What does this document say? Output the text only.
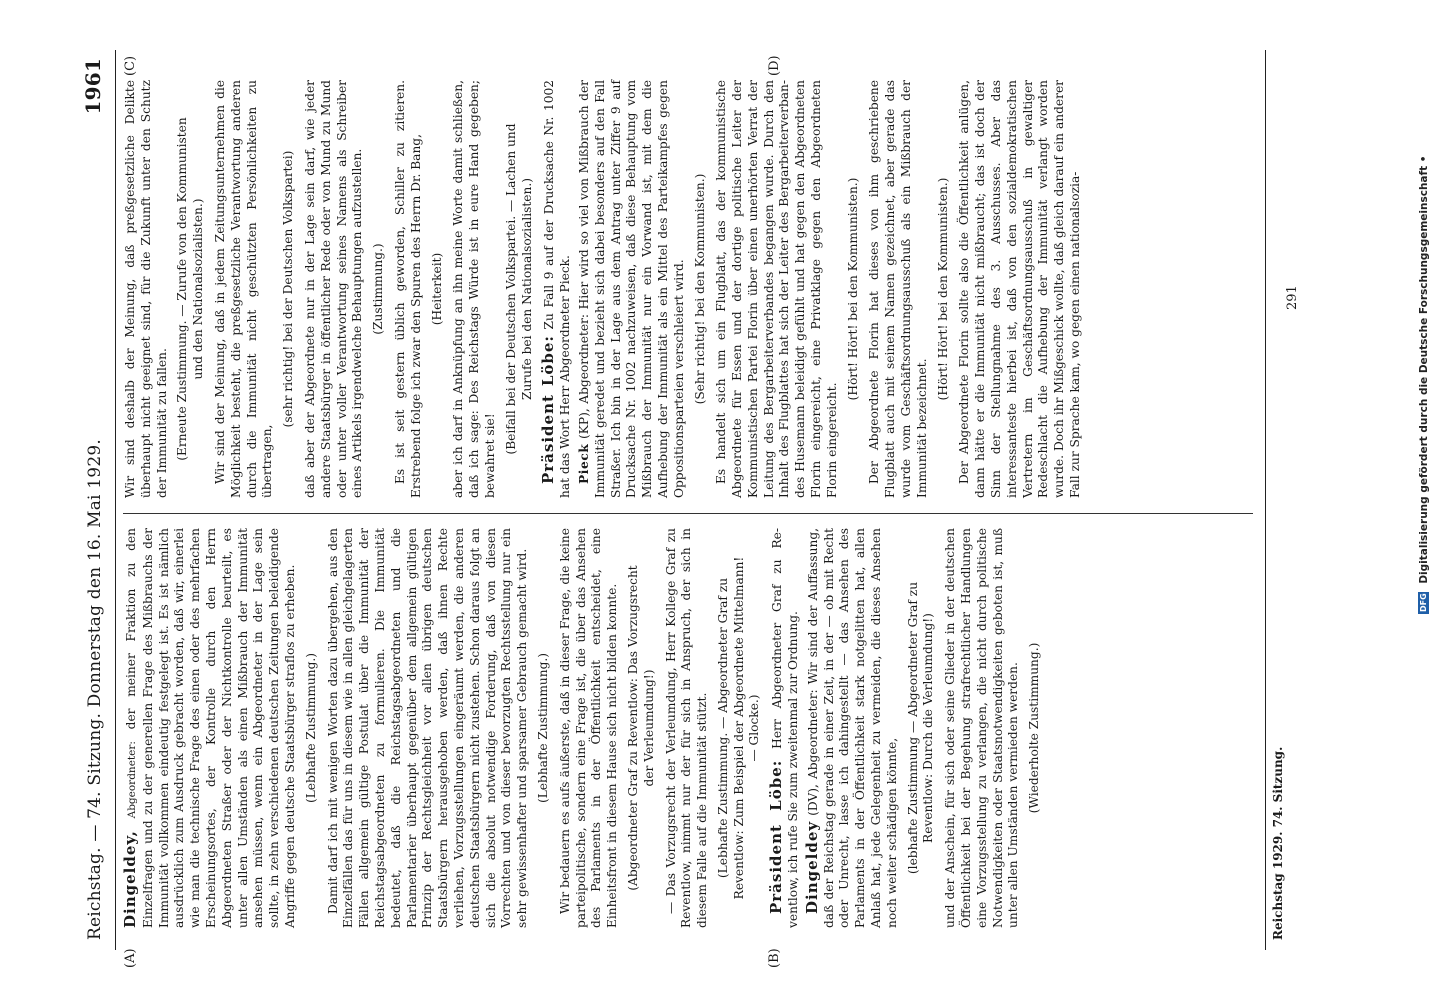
Reichstag. — 74. Sitzung. Donnerstag den 16. Mai 1929.
1961
(A)	(B)
(C)	(D)

Dingeldey, Abgeordneter: der meiner Fraktion zu den Einzelfragen und zu der generellen Frage des Mißbrauchs der Immunität vollkommen eindeutig festgelegt ist. Es ist nämlich ausdrücklich zum Ausdruck gebracht worden, daß wir, einerlei wie man die technische Frage des einen oder des mehrfachen Erscheinungsortes, der Kontrolle durch den Herrn Abgeordneten Straßer oder der Nichtkontrolle beurteilt, es unter allen Umständen als einen Mißbrauch der Immunität ansehen müssen, wenn ein Abgeordneter in der Lage sein sollte, in zehn verschiedenen deutschen Zeitungen beleidigende Angriffe gegen deutsche Staatsbürger straflos zu erheben. (Lebhafte Zustimmung.) Damit darf ich mit wenigen Worten dazu übergehen, aus den Einzelfällen das für uns in diesem wie in allen gleichgelagerten Fällen allgemein gültige Postulat über die Immunität der Reichstagsabgeordneten zu formulieren. Die Immunität bedeutet, daß die Reichstagsabgeordneten und die Parlamentarier überhaupt gegenüber dem allgemein gültigen Prinzip der Rechtsgleichheit vor allen übrigen deutschen Staatsbürgern herausgehoben werden, daß ihnen Rechte verliehen, Vorzugsstellungen eingeräumt werden, die anderen deutschen Staatsbürgern nicht zustehen. Schon daraus folgt an sich die absolut notwendige Forderung, daß von diesen Vorrechten und von dieser bevorzugten Rechtsstellung nur ein sehr gewissenhafter und sparsamer Gebrauch gemacht wird. (Lebhafte Zustimmung.) Wir bedauern es aufs äußerste, daß in dieser Frage, die keine parteipolitische, sondern eine Frage ist, die über das Ansehen des Parlaments in der Öffentlichkeit entscheidet, eine Einheitsfront in diesem Hause sich nicht bilden konnte. (Abgeordneter Graf zu Reventlow: Das Vorzugsrecht der Verleumdung!) — Das Vorzugsrecht der Verleumdung, Herr Kollege Graf zu Reventlow, nimmt nur der für sich in Anspruch, der sich in diesem Falle auf die Immunität stützt. (Lebhafte Zustimmung. — Abgeordneter Graf zu Reventlow: Zum Beispiel der Abgeordnete Mittelmann! — Glocke.)

Präsident Löbe: Herr Abgeordneter Graf zu Reventlow, ich rufe Sie zum zweitenmal zur Ordnung. Dingeldey (DV), Abgeordneter: Wir sind der Auffassung, daß der Reichstag gerade in einer Zeit, in der — ob mit Recht oder Unrecht, lasse ich dahingestellt — das Ansehen des Parlaments in der Öffentlichkeit stark notgelitten hat, allen Anlaß hat, jede Gelegenheit zu vermeiden, die dieses Ansehen noch weiter schädigen könnte, (lebhafte Zustimmung — Abgeordneter Graf zu Reventlow: Durch die Verleumdung!) und der Anschein, für sich oder seine Glieder in der deutschen Öffentlichkeit bei der Begehung strafrechtlicher Handlungen eine Vorzugsstellung zu verlangen, die nicht durch politische Notwendigkeiten oder Staatsnotwendigkeiten geboten ist, muß unter allen Umständen vermieden werden. (Wiederholte Zustimmung.)

Wir sind deshalb der Meinung, daß preßgesetzliche Delikte überhaupt nicht geeignet sind, für die Zukunft unter den Schutz der Immunität zu fallen. (Erneute Zustimmung. — Zurufe von den Kommunisten und den Nationalsozialisten.) Wir sind der Meinung, daß in jedem Zeitungsunternehmen die Möglichkeit besteht, die preßgesetzliche Verantwortung anderen durch die Immunität nicht geschützten Persönlichkeiten zu übertragen,

(sehr richtig! bei der Deutschen Volkspartei) daß aber der Abgeordnete nur in der Lage sein darf, wie jeder andere Staatsbürger in öffentlicher Rede oder von Mund zu Mund oder unter voller Verantwortung seines Namens als Schreiber eines Artikels irgendwelche Behauptungen aufzustellen. (Zustimmung.) Es ist seit gestern üblich geworden, Schiller zu zitieren. Erstrebend folge ich zwar den Spuren des Herrn Dr. Bang, (Heiterkeit) aber ich darf in Anknüpfung an ihn meine Worte damit schließen, daß ich sage: Des Reichstags Würde ist in eure Hand gegeben; bewahret sie!

(Beifall bei der Deutschen Volkspartei. — Lachen und Zurufe bei den Nationalsozialisten.)

Präsident Löbe: Zu Fall 9 auf der Drucksache Nr. 1002 hat das Wort Herr Abgeordneter Pieck. Pieck (KP), Abgeordneter: Hier wird so viel von Mißbrauch der Immunität geredet und bezieht sich dabei besonders auf den Fall Straßer. Ich bin in der Lage aus dem Antrag unter Ziffer 9 auf Drucksache Nr. 1002 nachzuweisen, daß diese Behauptung vom Mißbrauch der Immunität nur ein Vorwand ist, mit dem die Aufhebung der Immunität als ein Mittel des Parteikampfes gegen Oppositionsparteien verschleiert wird. (Sehr richtig! bei den Kommunisten.) Es handelt sich um ein Flugblatt, das der kommunistische Abgeordnete für Essen und der dortige politische Leiter der Kommunistischen Partei Florin über einen unerhörten Verrat der Leitung des Bergarbeiterverbandes begangen wurde. Durch den Inhalt des Flugblattes hat sich der Leiter des Bergarbeiterverbandes Husemann beleidigt gefühlt und hat gegen den Abgeordneten Florin eingereicht, eine Privatklage gegen den Abgeordneten Florin eingereicht.

(Hört! Hört! bei den Kommunisten.) Der Abgeordnete Florin hat dieses von ihm geschriebene Flugblatt auch mit seinem Namen gezeichnet, aber gerade das wurde vom Geschäftsordnungsausschuß als ein Mißbrauch der Immunität bezeichnet.

(Hört! Hört! bei den Kommunisten.) Der Abgeordnete Florin sollte also die Öffentlichkeit anlügen, dann hätte er die Immunität nicht mißbraucht; das ist doch der Sinn der Stellungnahme des 3. Ausschusses. Aber das interessanteste hierbei ist, daß von den sozialdemokratischen Vertretern im Geschäftsordnungsausschuß in gewaltiger Redeschlacht die Aufhebung der Immunität verlangt worden wurde. Doch ihr Mißgeschick wollte, daß gleich darauf ein anderer Fall zur Sprache kam, wo gegen einen nationalsozia-

Reichstag 1929. 74. Sitzung.
291
DFG Digitalisierung gefördert durch die Deutsche Forschungsgemeinschaft •
